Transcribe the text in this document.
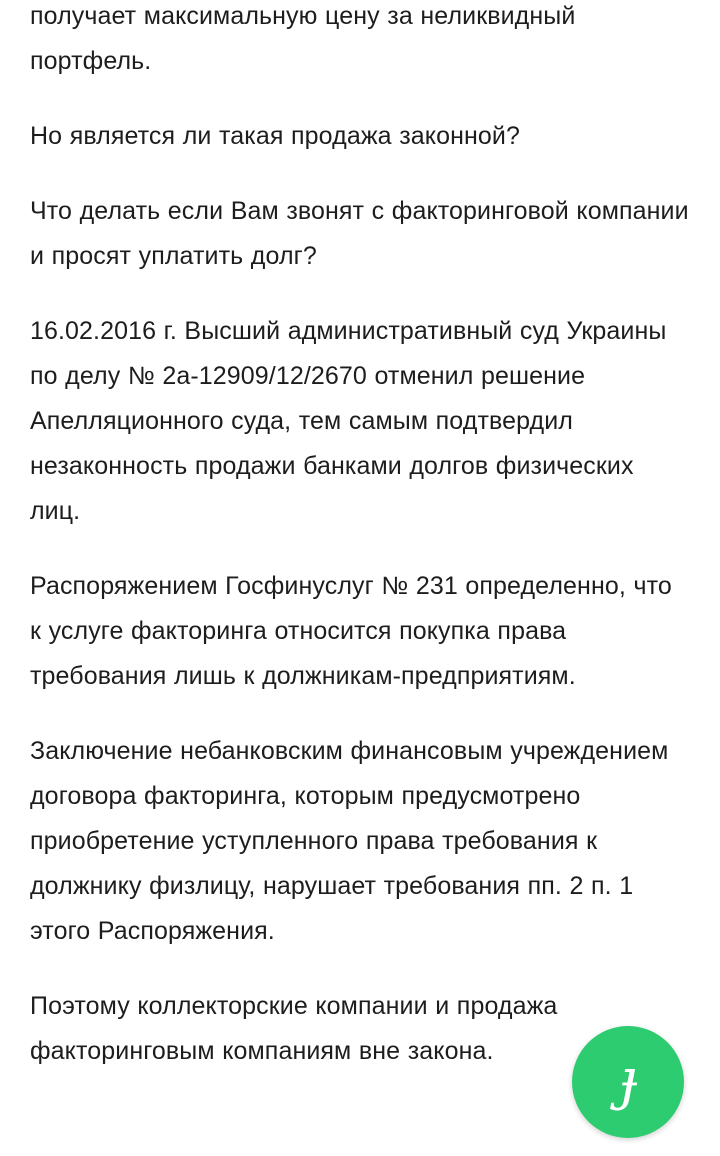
получает максимальную цену за неликвидный портфель.

Но является ли такая продажа законной?

Что делать если Вам звонят с факторинговой компании и просят уплатить долг?

16.02.2016 г. Высший административный суд Украины по делу № 2а-12909/12/2670 отменил решение Апелляционного суда, тем самым подтвердил незаконность продажи банками долгов физических лиц.

Распоряжением Госфинуслуг № 231 определенно, что к услуге факторинга относится покупка права требования лишь к должникам-предприятиям.

Заключение небанковским финансовым учреждением договора факторинга, которым предусмотрено приобретение уступленного права требования к должнику физлицу, нарушает требования пп. 2 п. 1 этого Распоряжения.

Поэтому коллекторские компании и продажа факторинговым компаниям вне закона.	ɟ
